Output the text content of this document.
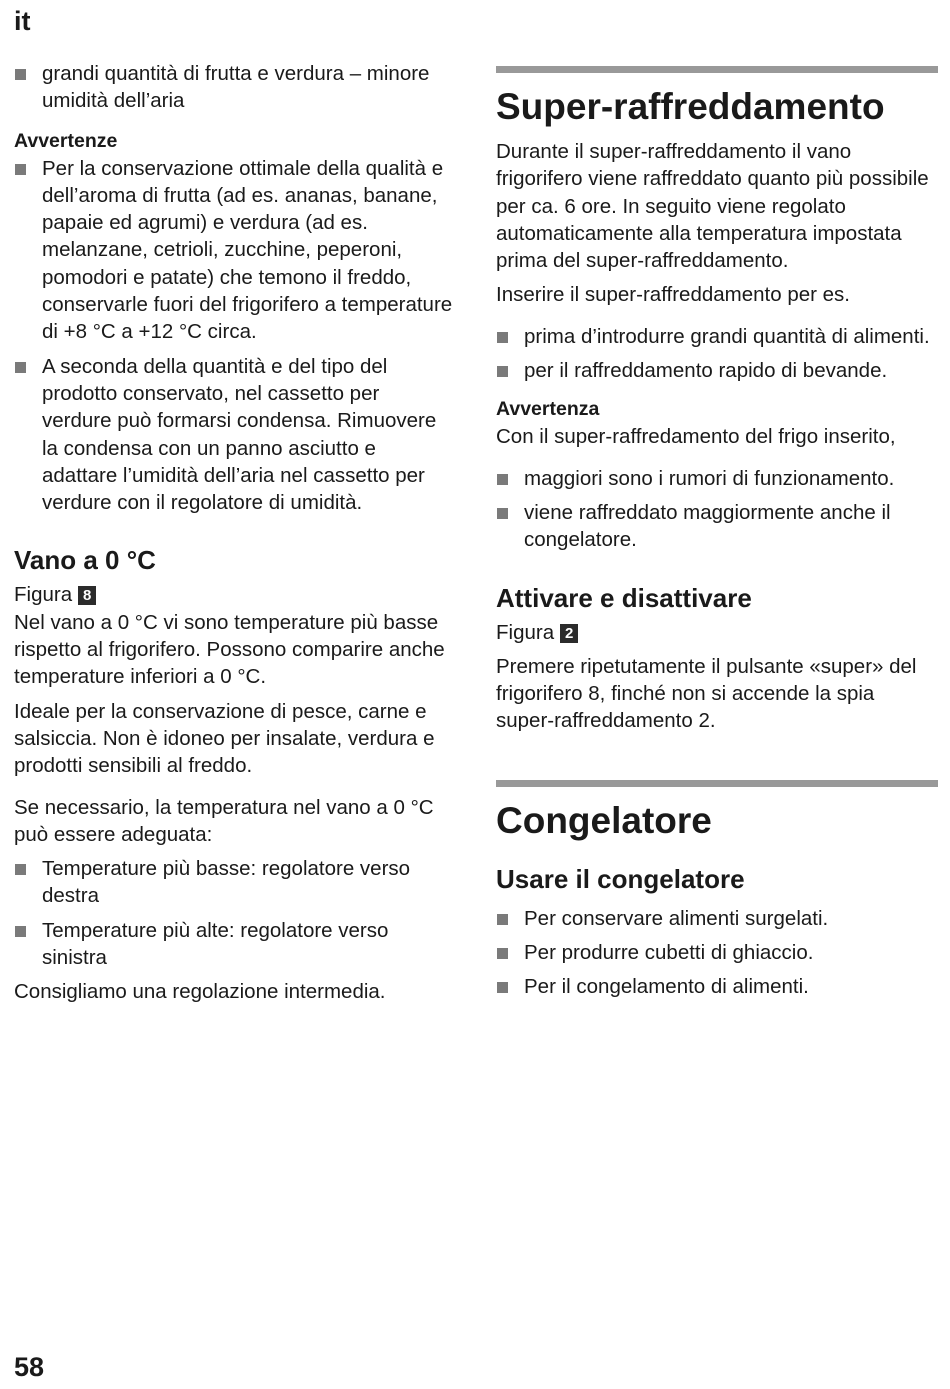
it
grandi quantità di frutta e verdura – minore umidità dell’aria
Avvertenze
Per la conservazione ottimale della qualità e dell’aroma di frutta (ad es. ananas, banane, papaie ed agrumi) e verdura (ad es. melanzane, cetrioli, zucchine, peperoni, pomodori e patate) che temono il freddo, conservarle fuori del frigorifero a temperature di +8 °C a +12 °C circa.
A seconda della quantità e del tipo del prodotto conservato, nel cassetto per verdure può formarsi condensa. Rimuovere la condensa con un panno asciutto e adattare l’umidità dell’aria nel cassetto per verdure con il regolatore di umidità.
Vano a 0 °C
Figura 8

Nel vano a 0 °C vi sono temperature più basse rispetto al frigorifero. Possono comparire anche temperature inferiori a 0 °C.

Ideale per la conservazione di pesce, carne e salsiccia. Non è idoneo per insalate, verdura e prodotti sensibili al freddo.

Se necessario, la temperatura nel vano a 0 °C può essere adeguata:

Temperature più basse: regolatore verso destra
Temperature più alte: regolatore verso sinistra

Consigliamo una regolazione intermedia.

Super-raffreddamento

Durante il super-raffreddamento il vano frigorifero viene raffreddato quanto più possibile per ca. 6 ore. In seguito viene regolato automaticamente alla temperatura impostata prima del super-raffreddamento.

Inserire il super-raffreddamento per es.

prima d’introdurre grandi quantità di alimenti.
per il raffreddamento rapido di bevande.
Avvertenza

Con il super-raffredamento del frigo inserito,

maggiori sono i rumori di funzionamento.
viene raffreddato maggiormente anche il congelatore.
Attivare e disattivare
Figura 2

Premere ripetutamente il pulsante «super» del frigorifero 8, finché non si accende la spia super-raffreddamento 2.

Congelatore
Usare il congelatore
Per conservare alimenti surgelati.
Per produrre cubetti di ghiaccio.
Per il congelamento di alimenti.
58
